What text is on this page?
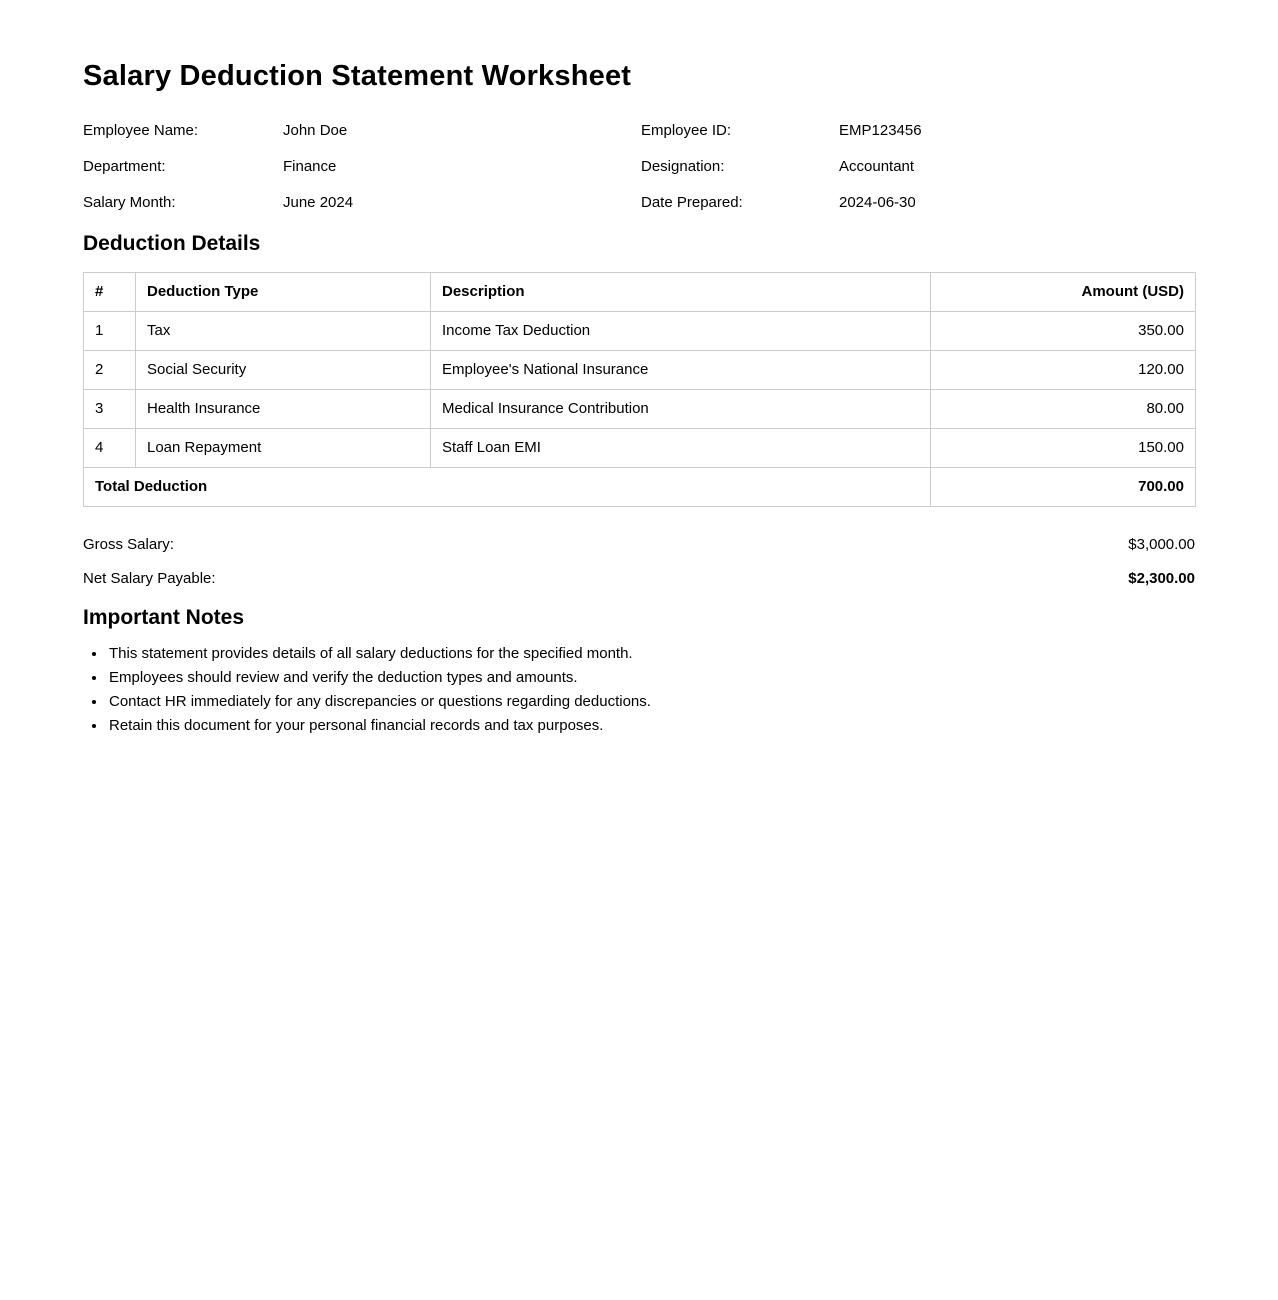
Salary Deduction Statement Worksheet
Employee Name:	John Doe	Employee ID:	EMP123456
Department:	Finance	Designation:	Accountant
Salary Month:	June 2024	Date Prepared:	2024-06-30
Deduction Details
#	Deduction Type	Description	Amount (USD)
1	Tax	Income Tax Deduction	350.00
2	Social Security	Employee's National Insurance	120.00
3	Health Insurance	Medical Insurance Contribution	80.00
4	Loan Repayment	Staff Loan EMI	150.00
Total Deduction			700.00
Gross Salary:	$3,000.00
Net Salary Payable:	$2,300.00
Important Notes
• This statement provides details of all salary deductions for the specified month.
• Employees should review and verify the deduction types and amounts.
• Contact HR immediately for any discrepancies or questions regarding deductions.
• Retain this document for your personal financial records and tax purposes.
